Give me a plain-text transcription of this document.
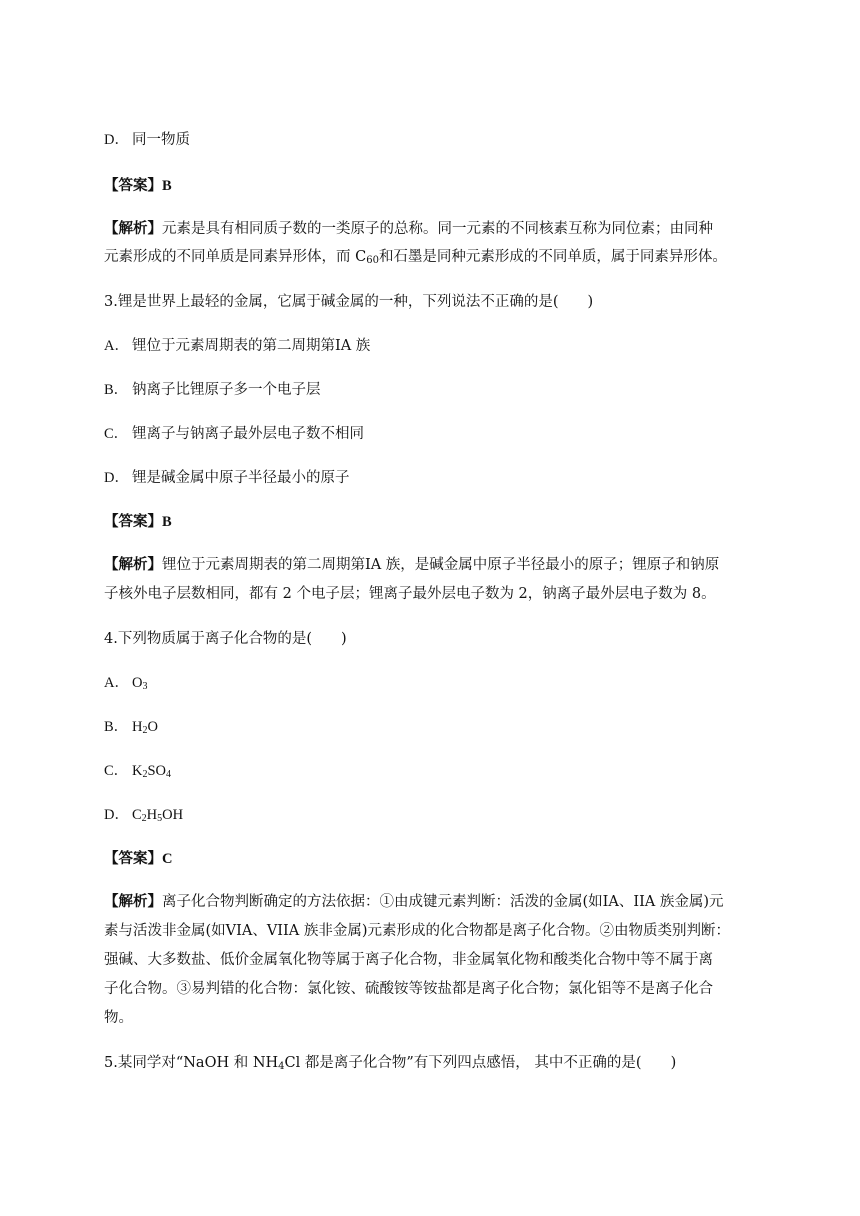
D． 同一物质
【答案】B
【解析】元素是具有相同质子数的一类原子的总称。同一元素的不同核素互称为同位素；由同种
元素形成的不同单质是同素异形体，而 $C_{60}$和石墨是同种元素形成的不同单质，属于同素异形体。
3.锂是世界上最轻的金属，它属于碱金属的一种，下列说法不正确的是(　　)
A． 锂位于元素周期表的第二周期第IA 族
B． 钠离子比锂原子多一个电子层
C． 锂离子与钠离子最外层电子数不相同
D． 锂是碱金属中原子半径最小的原子
【答案】B
【解析】锂位于元素周期表的第二周期第IA 族，是碱金属中原子半径最小的原子；锂原子和钠原
子核外电子层数相同，都有 2 个电子层；锂离子最外层电子数为 2，钠离子最外层电子数为 8。
4.下列物质属于离子化合物的是(　　)
A． $O_3$
B． $H_2O$
C． $K_2SO_4$
D． $C_2H_5OH$
【答案】C
【解析】离子化合物判断确定的方法依据：①由成键元素判断：活泼的金属(如IA、IIA 族金属)元
素与活泼非金属(如VIA、VIIA 族非金属)元素形成的化合物都是离子化合物。②由物质类别判断：
强碱、大多数盐、低价金属氧化物等属于离子化合物，非金属氧化物和酸类化合物中等不属于离
子化合物。③易判错的化合物：氯化铵、硫酸铵等铵盐都是离子化合物；氯化铝等不是离子化合
物。
5.某同学对“NaOH 和 $NH_4Cl$ 都是离子化合物”有下列四点感悟， 其中不正确的是(　　)
